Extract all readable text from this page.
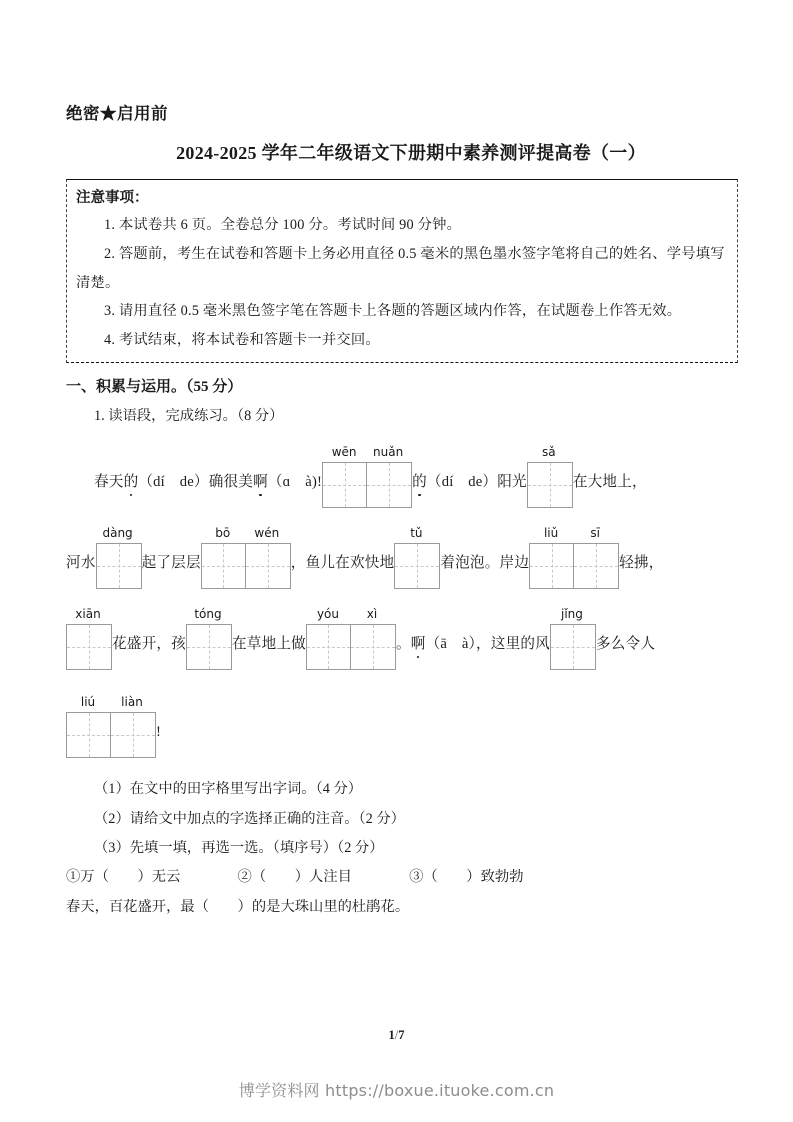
绝密★启用前
2024-2025 学年二年级语文下册期中素养测评提高卷（一）
注意事项：
1. 本试卷共 6 页。全卷总分 100 分。考试时间 90 分钟。
2. 答题前，考生在试卷和答题卡上务必用直径 0.5 毫米的黑色墨水签字笔将自己的姓名、学号填写清楚。
3. 请用直径 0.5 毫米黑色签字笔在答题卡上各题的答题区域内作答，在试题卷上作答无效。
4. 考试结束，将本试卷和答题卡一并交回。
一、积累与运用。（55 分）
1. 读语段，完成练习。（8 分）
春天的（dí　de）确很美啊（ɑ　à)!
wēn	nuǎn
的（dí　de）阳光
sǎ
在大地上，
河水
dàng
起了层层
bō	wén
，鱼儿在欢快地
tǔ
着泡泡。岸边
liǔ	sī
轻拂，
xiān
花盛开，孩
tóng
在草地上做
yóu	xì
。啊（ā　à），这里的风
jǐng
多么令人
liú	liàn
!
（1）在文中的田字格里写出字词。（4 分）
（2）请给文中加点的字选择正确的注音。（2 分）
（3）先填一填，再选一选。（填序号）（2 分）
①万（　　）无云　　　　②（　　）人注目　　　　③（　　）致勃勃
春天，百花盛开，最（　　）的是大珠山里的杜鹃花。
1/7
博学资料网 https://boxue.ituoke.com.cn
